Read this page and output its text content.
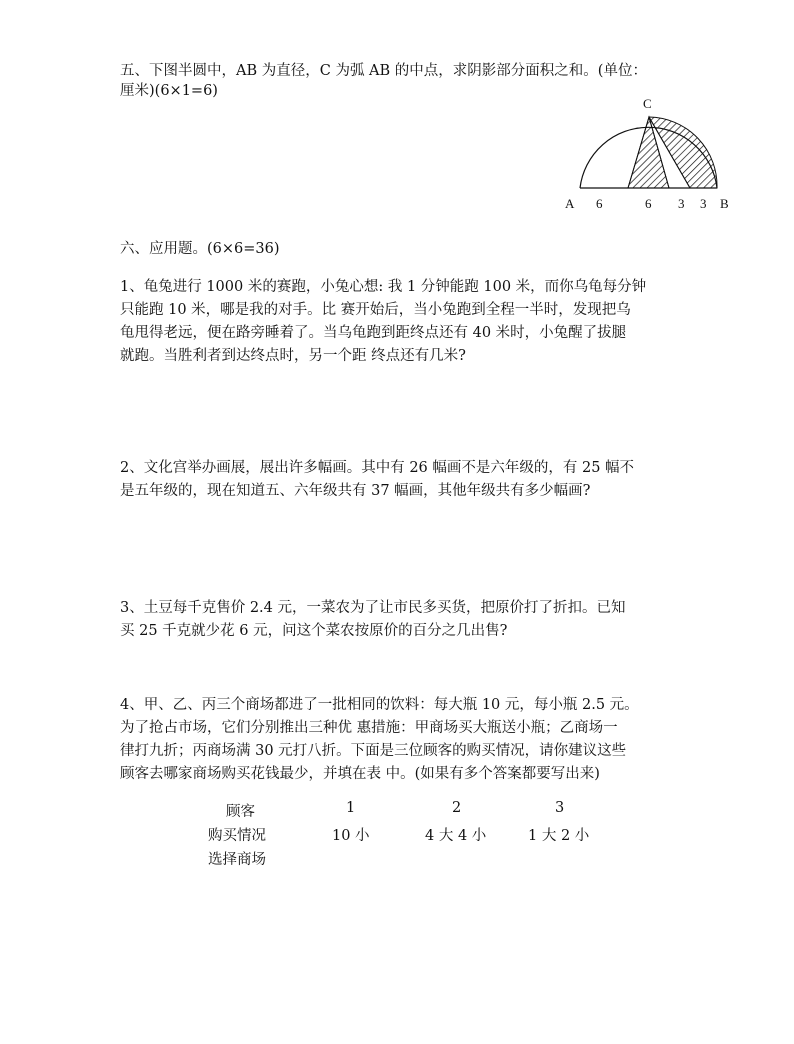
五、下图半圆中，AB 为直径，C 为弧 AB 的中点，求阴影部分面积之和。(单位：

厘米)(6×1=6)

C
A 6	6 3 3 B

六、应用题。(6×6=36)

1、龟兔进行 1000 米的赛跑，小兔心想: 我 1 分钟能跑 100 米，而你乌龟每分钟

只能跑 10 米，哪是我的对手。比 赛开始后，当小兔跑到全程一半时，发现把乌

龟甩得老远，便在路旁睡着了。当乌龟跑到距终点还有 40 米时，小兔醒了拔腿

就跑。当胜利者到达终点时，另一个距 终点还有几米?

2、文化宫举办画展，展出许多幅画。其中有 26 幅画不是六年级的，有 25 幅不

是五年级的，现在知道五、六年级共有 37 幅画，其他年级共有多少幅画?

3、土豆每千克售价 2.4 元，一菜农为了让市民多买货，把原价打了折扣。已知

买 25 千克就少花 6 元，问这个菜农按原价的百分之几出售?

4、甲、乙、丙三个商场都进了一批相同的饮料：每大瓶 10 元，每小瓶 2.5 元。

为了抢占市场，它们分别推出三种优 惠措施：甲商场买大瓶送小瓶；乙商场一

律打九折；丙商场满 30 元打八折。下面是三位顾客的购买情况，请你建议这些

顾客去哪家商场购买花钱最少，并填在表 中。(如果有多个答案都要写出来)

顾客	1	2	3
购买情况	10 小	4 大 4 小	1 大 2 小
选择商场
